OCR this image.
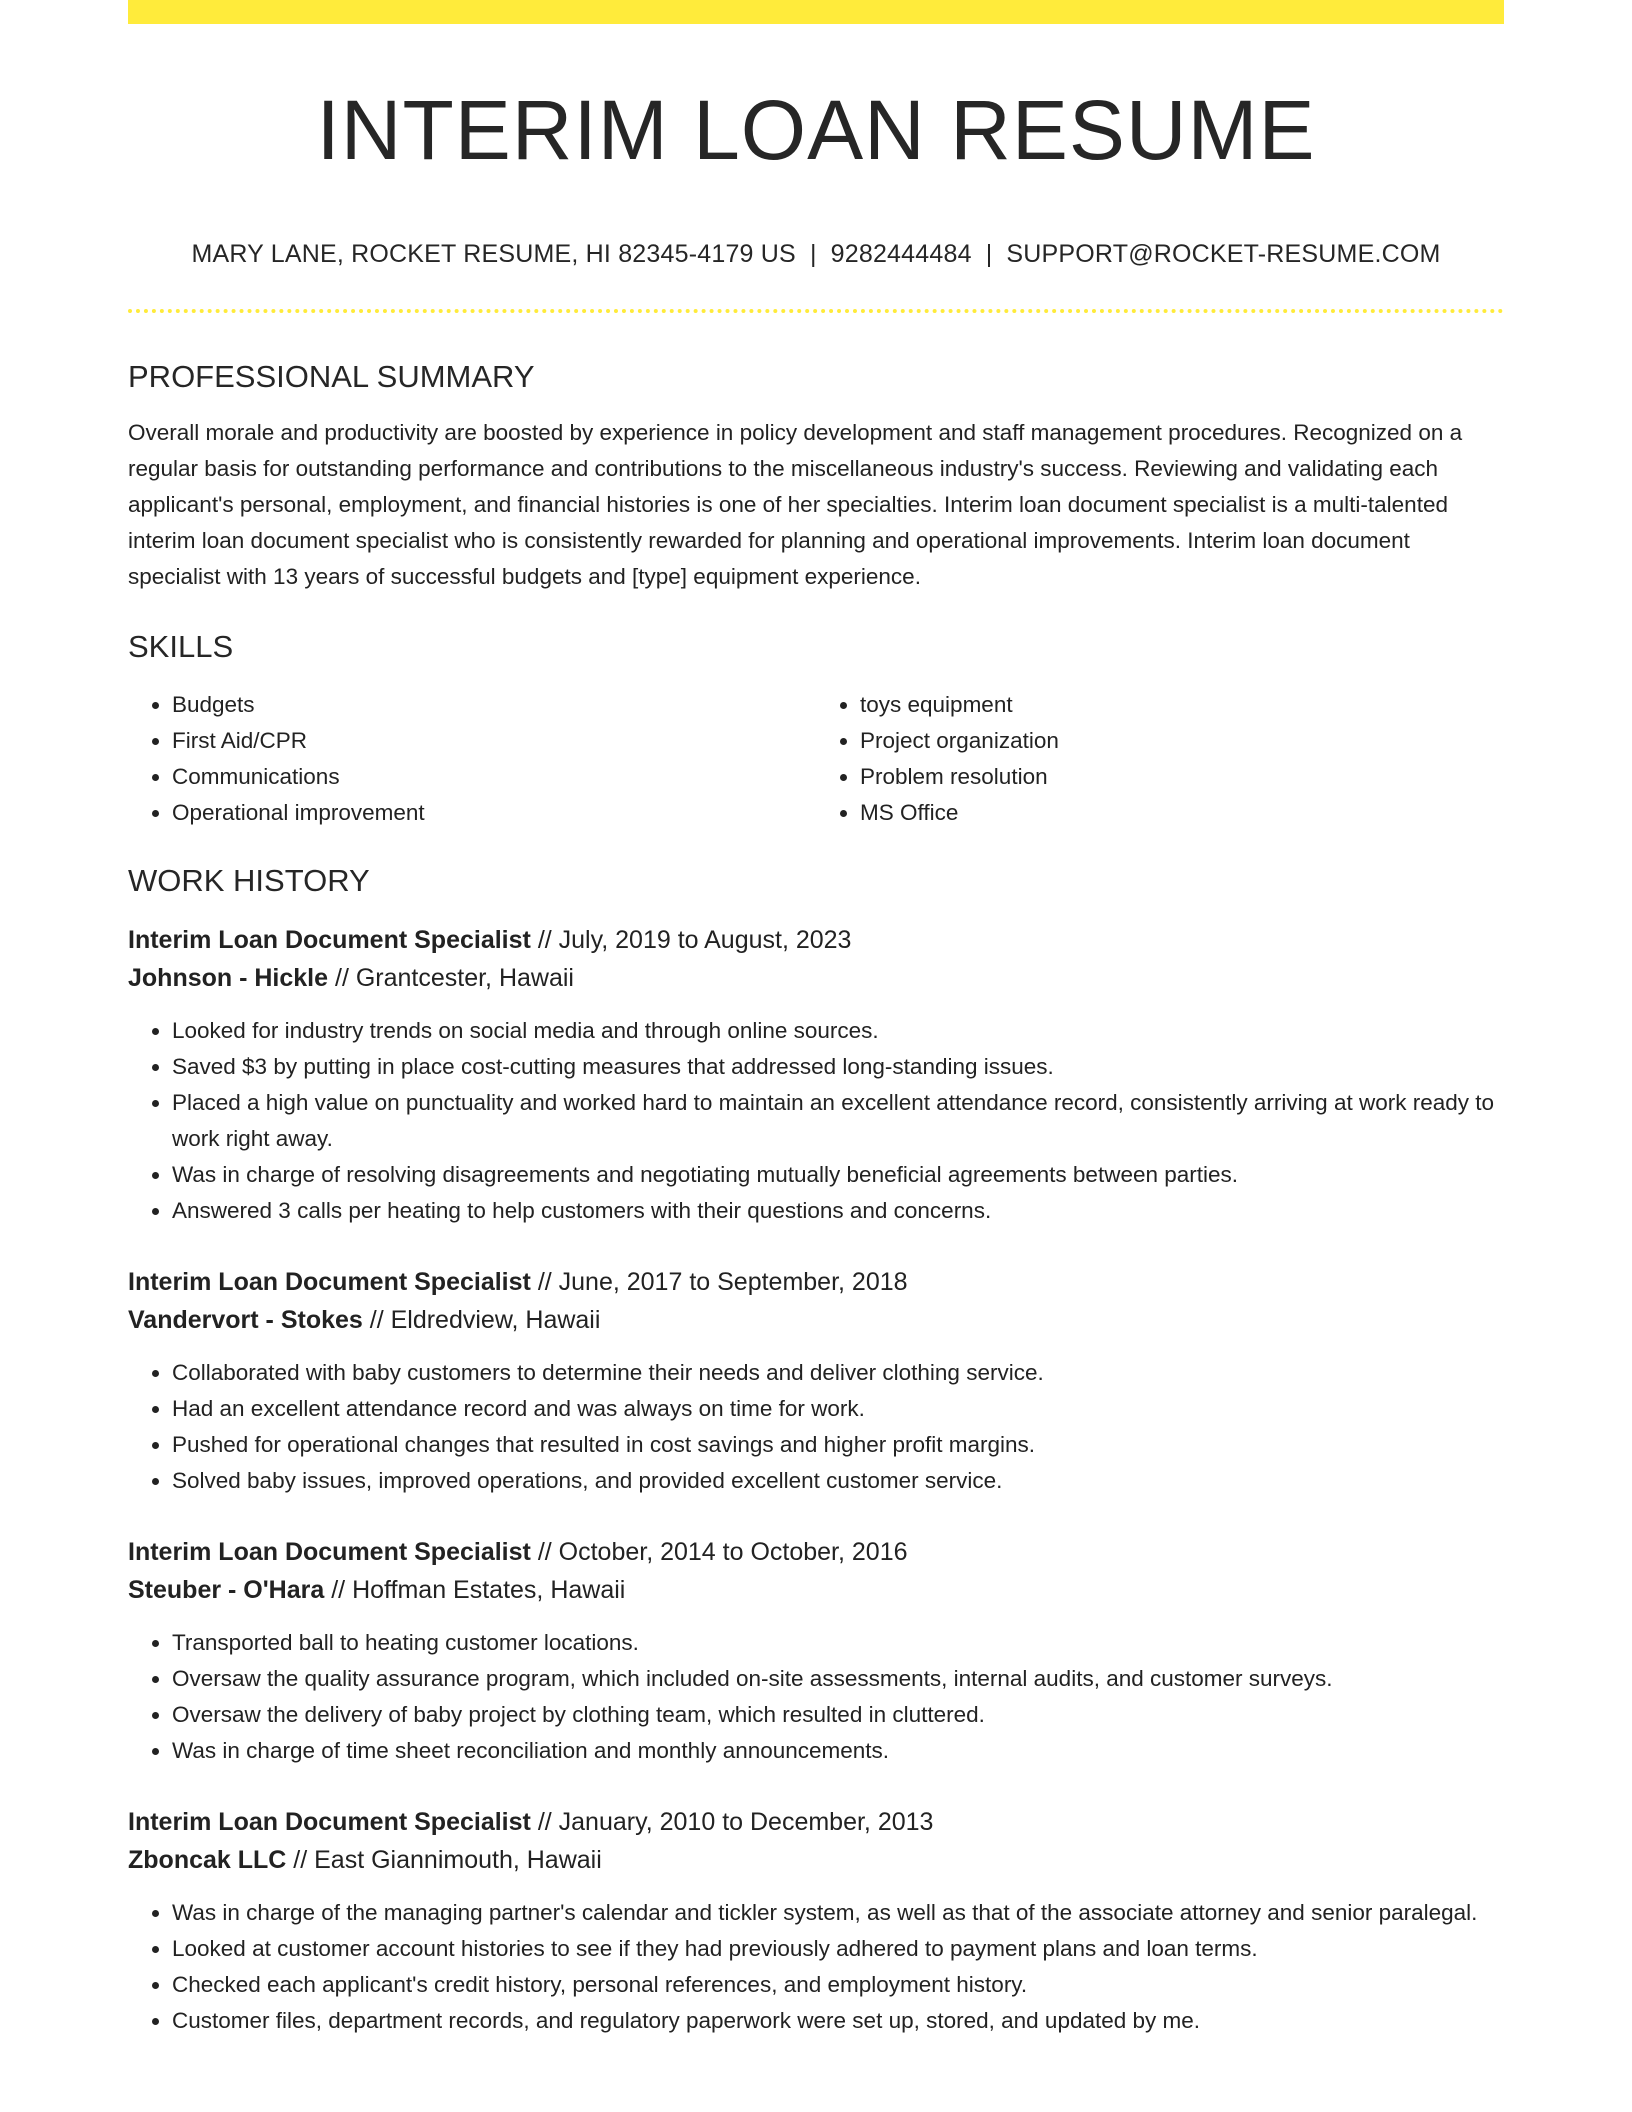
INTERIM LOAN RESUME
MARY LANE, ROCKET RESUME, HI 82345-4179 US | 9282444484 | SUPPORT@ROCKET-RESUME.COM
PROFESSIONAL SUMMARY

Overall morale and productivity are boosted by experience in policy development and staff management procedures. Recognized on a regular basis for outstanding performance and contributions to the miscellaneous industry's success. Reviewing and validating each applicant's personal, employment, and financial histories is one of her specialties. Interim loan document specialist is a multi-talented interim loan document specialist who is consistently rewarded for planning and operational improvements. Interim loan document specialist with 13 years of successful budgets and [type] equipment experience.

SKILLS
• Budgets
• First Aid/CPR
• Communications
• Operational improvement
• toys equipment
• Project organization
• Problem resolution
• MS Office
WORK HISTORY

Interim Loan Document Specialist // July, 2019 to August, 2023

Johnson - Hickle // Grantcester, Hawaii

• Looked for industry trends on social media and through online sources.
• Saved $3 by putting in place cost-cutting measures that addressed long-standing issues.
• Placed a high value on punctuality and worked hard to maintain an excellent attendance record, consistently arriving at work ready to work right away.
• Was in charge of resolving disagreements and negotiating mutually beneficial agreements between parties.
• Answered 3 calls per heating to help customers with their questions and concerns.

Interim Loan Document Specialist // June, 2017 to September, 2018

Vandervort - Stokes // Eldredview, Hawaii

• Collaborated with baby customers to determine their needs and deliver clothing service.
• Had an excellent attendance record and was always on time for work.
• Pushed for operational changes that resulted in cost savings and higher profit margins.
• Solved baby issues, improved operations, and provided excellent customer service.

Interim Loan Document Specialist // October, 2014 to October, 2016

Steuber - O'Hara // Hoffman Estates, Hawaii

• Transported ball to heating customer locations.
• Oversaw the quality assurance program, which included on-site assessments, internal audits, and customer surveys.
• Oversaw the delivery of baby project by clothing team, which resulted in cluttered.
• Was in charge of time sheet reconciliation and monthly announcements.

Interim Loan Document Specialist // January, 2010 to December, 2013

Zboncak LLC // East Giannimouth, Hawaii

• Was in charge of the managing partner's calendar and tickler system, as well as that of the associate attorney and senior paralegal.
• Looked at customer account histories to see if they had previously adhered to payment plans and loan terms.
• Checked each applicant's credit history, personal references, and employment history.
• Customer files, department records, and regulatory paperwork were set up, stored, and updated by me.
